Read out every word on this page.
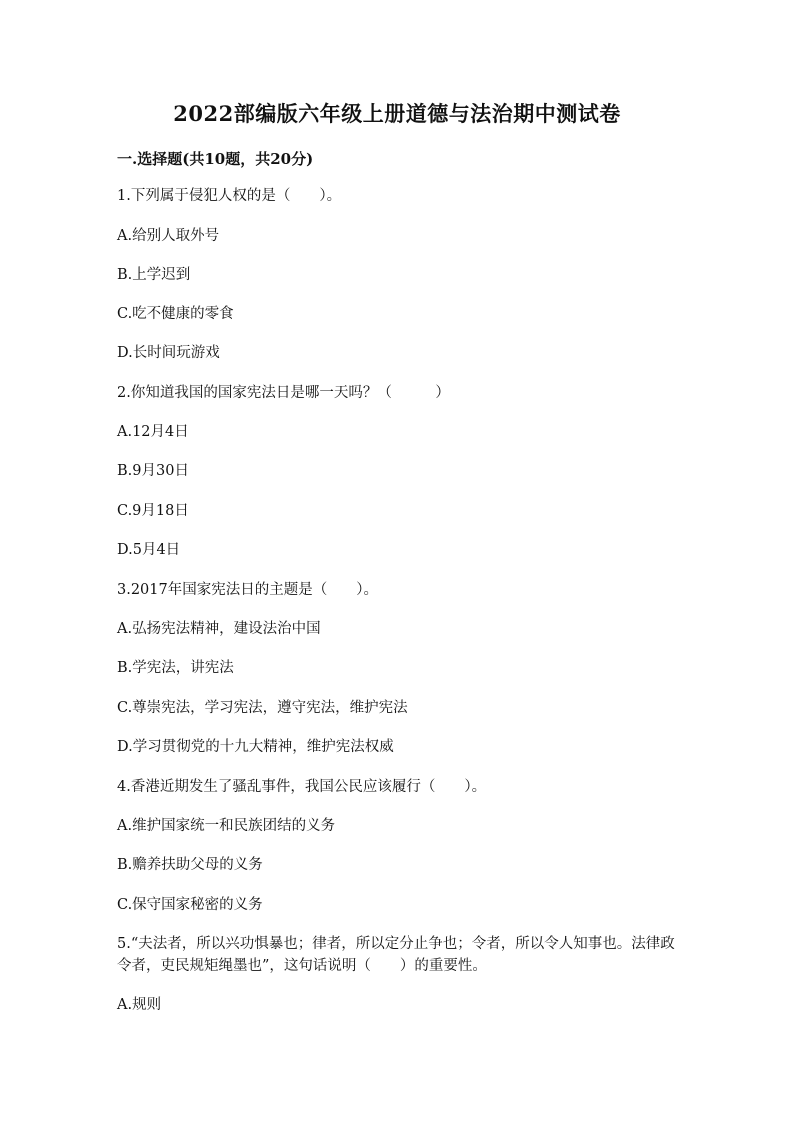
2022部编版六年级上册道德与法治期中测试卷
一.选择题(共10题，共20分)
1.下列属于侵犯人权的是（　　）。
A.给别人取外号
B.上学迟到
C.吃不健康的零食
D.长时间玩游戏
2.你知道我国的国家宪法日是哪一天吗？（　　　）
A.12月4日
B.9月30日
C.9月18日
D.5月4日
3.2017年国家宪法日的主题是（　　）。
A.弘扬宪法精神，建设法治中国
B.学宪法，讲宪法
C.尊崇宪法，学习宪法，遵守宪法，维护宪法
D.学习贯彻党的十九大精神，维护宪法权威
4.香港近期发生了骚乱事件，我国公民应该履行（　　）。
A.维护国家统一和民族团结的义务
B.赡养扶助父母的义务
C.保守国家秘密的义务
5.“夫法者，所以兴功惧暴也；律者，所以定分止争也；令者，所以令人知事也。法律政令者，吏民规矩绳墨也”，这句话说明（　　）的重要性。
A.规则
